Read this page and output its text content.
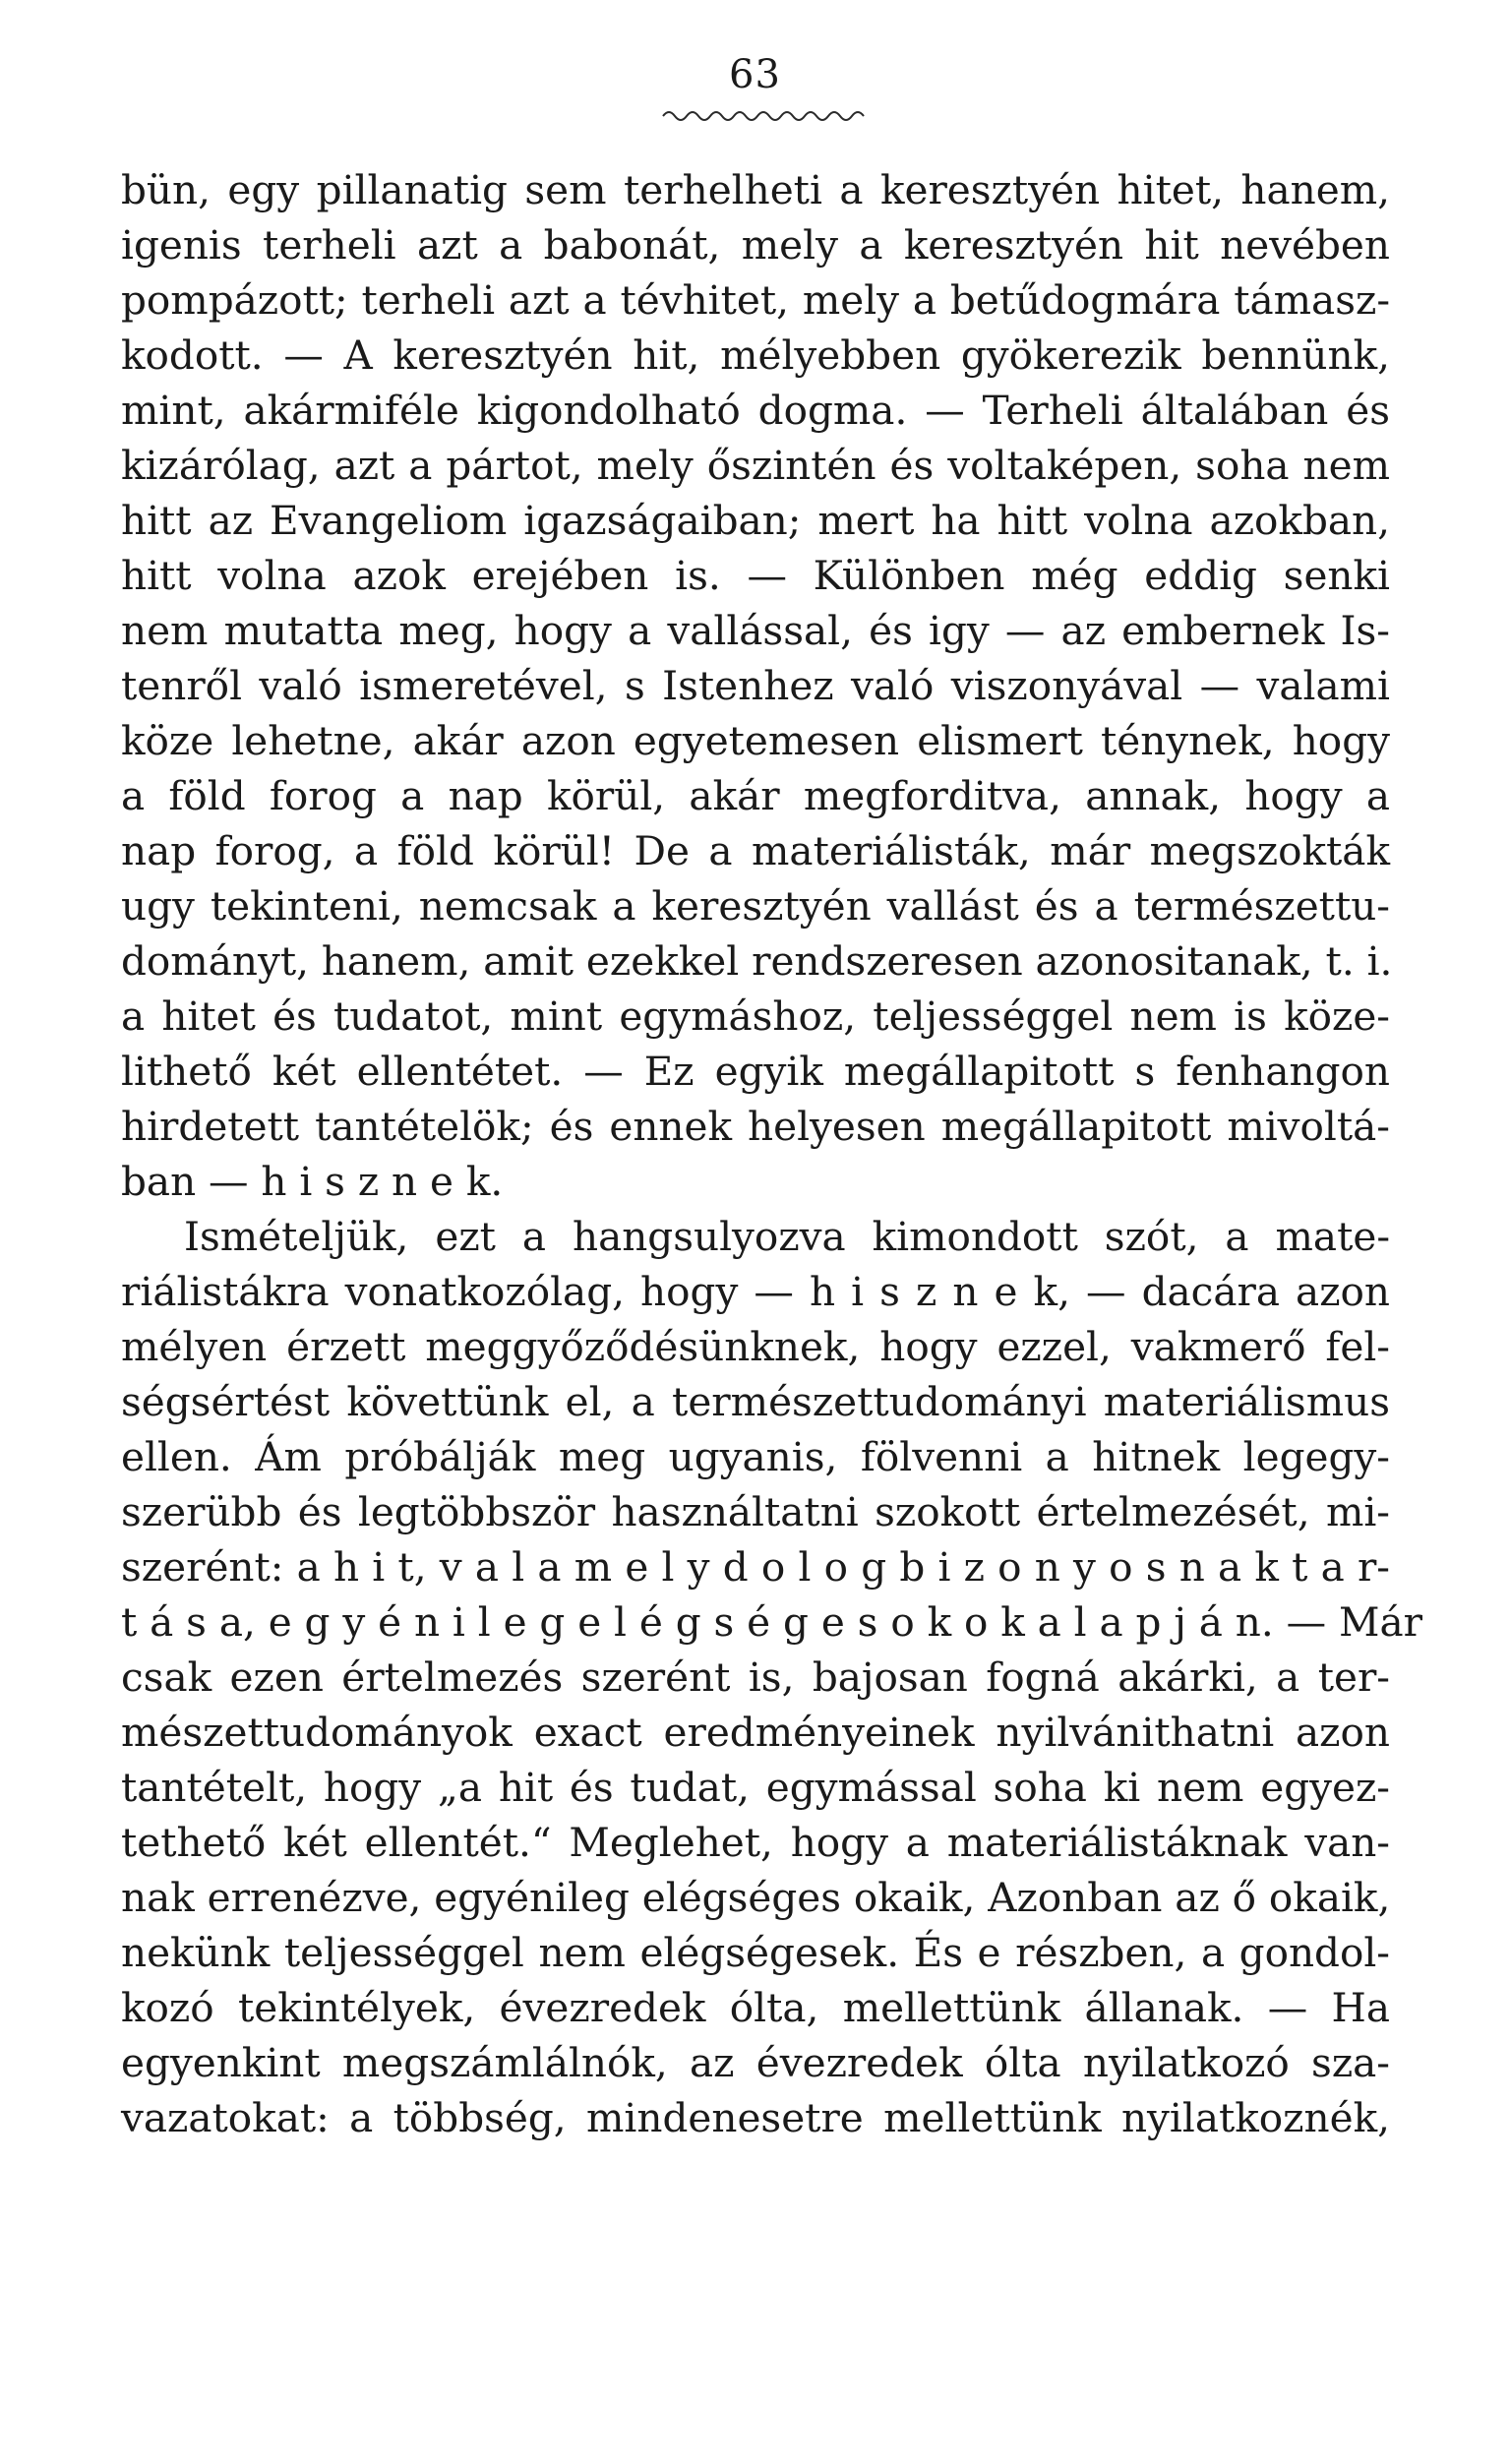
63
bün, egy pillanatig sem terhelheti a keresztyén hitet, hanem,
igenis terheli azt a babonát, mely a keresztyén hit nevében
pompázott; terheli azt a tévhitet, mely a betűdogmára támasz-
kodott. — A keresztyén hit, mélyebben gyökerezik bennünk,
mint, akármiféle kigondolható dogma. — Terheli általában és
kizárólag, azt a pártot, mely őszintén és voltaképen, soha nem
hitt az Evangeliom igazságaiban; mert ha hitt volna azokban,
hitt volna azok erejében is. — Különben még eddig senki
nem mutatta meg, hogy a vallással, és igy — az embernek Is-
tenről való ismeretével, s Istenhez való viszonyával — valami
köze lehetne, akár azon egyetemesen elismert ténynek, hogy
a föld forog a nap körül, akár megforditva, annak, hogy a
nap forog, a föld körül! De a materiálisták, már megszokták
ugy tekinteni, nemcsak a keresztyén vallást és a természettu-
dományt, hanem, amit ezekkel rendszeresen azonositanak, t. i.
a hitet és tudatot, mint egymáshoz, teljességgel nem is köze-
lithető két ellentétet. — Ez egyik megállapitott s fenhangon
hirdetett tantételök; és ennek helyesen megállapitott mivoltá-
ban — h i s z n e k.
Ismételjük, ezt a hangsulyozva kimondott szót, a mate-
riálistákra vonatkozólag, hogy — h i s z n e k, — dacára azon
mélyen érzett meggyőződésünknek, hogy ezzel, vakmerő fel-
ségsértést követtünk el, a természettudományi materiálismus
ellen. Ám próbálják meg ugyanis, fölvenni a hitnek legegy-
szerübb és legtöbbször használtatni szokott értelmezését, mi-
szerént: a h i t, v a l a m e l y d o l o g b i z o n y o s n a k t a r-
t á s a, e g y é n i l e g e l é g s é g e s o k o k a l a p j á n. — Már
csak ezen értelmezés szerént is, bajosan fogná akárki, a ter-
mészettudományok exact eredményeinek nyilvánithatni azon
tantételt, hogy „a hit és tudat, egymással soha ki nem egyez-
tethető két ellentét.“ Meglehet, hogy a materiálistáknak van-
nak errenézve, egyénileg elégséges okaik, Azonban az ő okaik,
nekünk teljességgel nem elégségesek. És e részben, a gondol-
kozó tekintélyek, évezredek ólta, mellettünk állanak. — Ha
egyenkint megszámlálnók, az évezredek ólta nyilatkozó sza-
vazatokat: a többség, mindenesetre mellettünk nyilatkoznék,
